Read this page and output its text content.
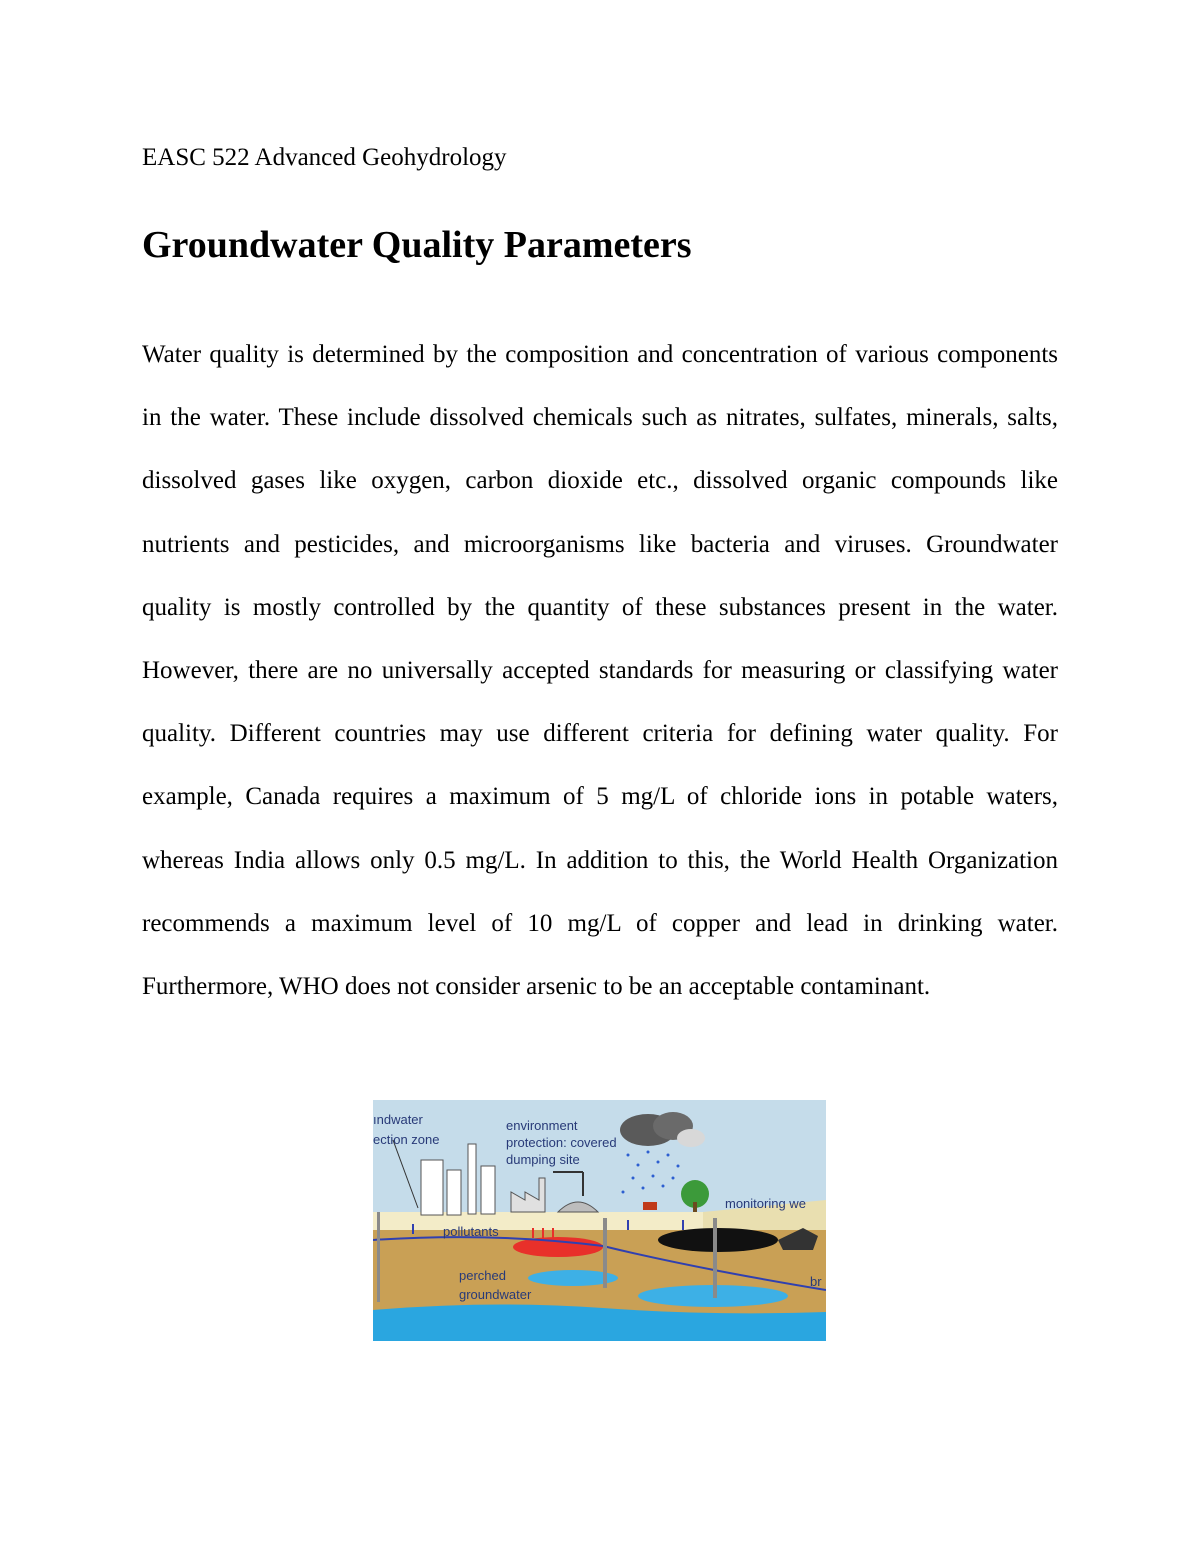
EASC 522 Advanced Geohydrology
Groundwater Quality Parameters

Water quality is determined by the composition and concentration of various components in the water. These include dissolved chemicals such as nitrates, sulfates, minerals, salts, dissolved gases like oxygen, carbon dioxide etc., dissolved organic compounds like nutrients and pesticides, and microorganisms like bacteria and viruses. Groundwater quality is mostly controlled by the quantity of these substances present in the water. However, there are no universally accepted standards for measuring or classifying water quality. Different countries may use different criteria for defining water quality. For example, Canada requires a maximum of 5 mg/L of chloride ions in potable waters, whereas India allows only 0.5 mg/L. In addition to this, the World Health Organization recommends a maximum level of 10 mg/L of copper and lead in drinking water. Furthermore, WHO does not consider arsenic to be an acceptable contaminant.

ındwater
ection zone
environment
protection: covered
dumping site
monitoring we
pollutants
perched
groundwater
br
